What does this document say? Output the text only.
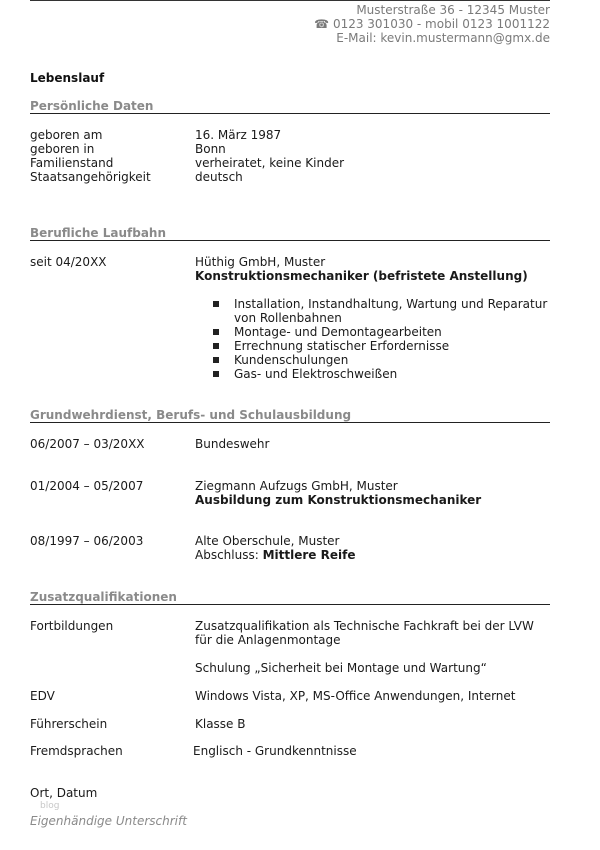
Musterstraße 36 - 12345 Muster
☎ 0123 301030 - mobil 0123 1001122
E-Mail: kevin.mustermann@gmx.de
Lebenslauf
Persönliche Daten
geboren am	16. März 1987
geboren in	Bonn
Familienstand	verheiratet, keine Kinder
Staatsangehörigkeit	deutsch
Berufliche Laufbahn
seit 04/20XX	Hüthig GmbH, Muster
Konstruktionsmechaniker (befristete Anstellung)
Installation, Instandhaltung, Wartung und Reparatur
von Rollenbahnen
Montage- und Demontagearbeiten
Errechnung statischer Erfordernisse
Kundenschulungen
Gas- und Elektroschweißen
Grundwehrdienst, Berufs- und Schulausbildung
06/2007 – 03/20XX	Bundeswehr
01/2004 – 05/2007	Ziegmann Aufzugs GmbH, Muster
Ausbildung zum Konstruktionsmechaniker
08/1997 – 06/2003	Alte Oberschule, Muster
Abschluss: Mittlere Reife
Zusatzqualifikationen
Fortbildungen	Zusatzqualifikation als Technische Fachkraft bei der LVW
für die Anlagenmontage
Schulung „Sicherheit bei Montage und Wartung“
EDV	Windows Vista, XP, MS-Office Anwendungen, Internet
Führerschein	Klasse B
Fremdsprachen	Englisch - Grundkenntnisse
Ort, Datum
blog
Eigenhändige Unterschrift
